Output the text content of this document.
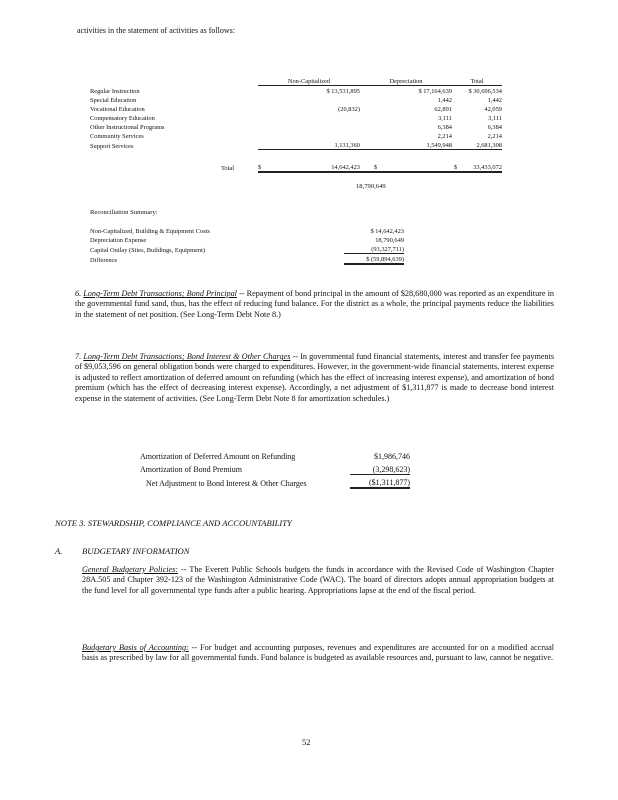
activities in the statement of activities as follows:
	Non-Capitalized		Depreciation		Total
Regular Instruction	$ 13,531,895		$ 17,164,639		$ 30,696,534
Special Education			1,442		1,442
Vocational Education	(20,832)		62,891		42,059
Compensatory Education			3,111		3,111
Other Instructional Programs			6,384		6,384
Community Services			2,214		2,214
Support Services	1,131,360		1,549,948		2,681,308

Total	$	14,642,423	$		$ 33,433,072
18,790,649
Reconciliation Summary:
Non-Capitalized, Building & Equipment Costs	$ 14,642,423
Depreciation Expense	18,790,649
Capital Outlay (Sites, Buildings, Equipment)	(93,327,711)
Difference	$ (59,894,639)

6. Long-Term Debt Transactions; Bond Principal -- Repayment of bond principal in the amount of $28,680,000 was reported as an expenditure in the governmental fund sand, thus, has the effect of reducing fund balance. For the district as a whole, the principal payments reduce the liabilities in the statement of net position. (See Long-Term Debt Note 8.)

7. Long-Term Debt Transactions; Bond Interest & Other Charges -- In governmental fund financial statements, interest and transfer fee payments of $9,053,596 on general obligation bonds were charged to expenditures. However, in the government-wide financial statements, interest expense is adjusted to reflect amortization of deferred amount on refunding (which has the effect of increasing interest expense), and amortization of bond premium (which has the effect of decreasing interest expense). Accordingly, a net adjustment of $1,311,877 is made to decrease bond interest expense in the statement of activities. (See Long-Term Debt Note 8 for amortization schedules.)

Amortization of Deferred Amount on Refunding	$1,986,746
Amortization of Bond Premium	(3,298,623)
Net Adjustment to Bond Interest & Other Charges	($1,311,877)
NOTE 3. STEWARDSHIP, COMPLIANCE AND ACCOUNTABILITY
A. BUDGETARY INFORMATION

General Budgetary Policies: -- The Everett Public Schools budgets the funds in accordance with the Revised Code of Washington Chapter 28A.505 and Chapter 392-123 of the Washington Administrative Code (WAC). The board of directors adopts annual appropriation budgets at the fund level for all governmental type funds after a public hearing. Appropriations lapse at the end of the fiscal period.

Budgetary Basis of Accounting: -- For budget and accounting purposes, revenues and expenditures are accounted for on a modified accrual basis as prescribed by law for all governmental funds. Fund balance is budgeted as available resources and, pursuant to law, cannot be negative.

52
